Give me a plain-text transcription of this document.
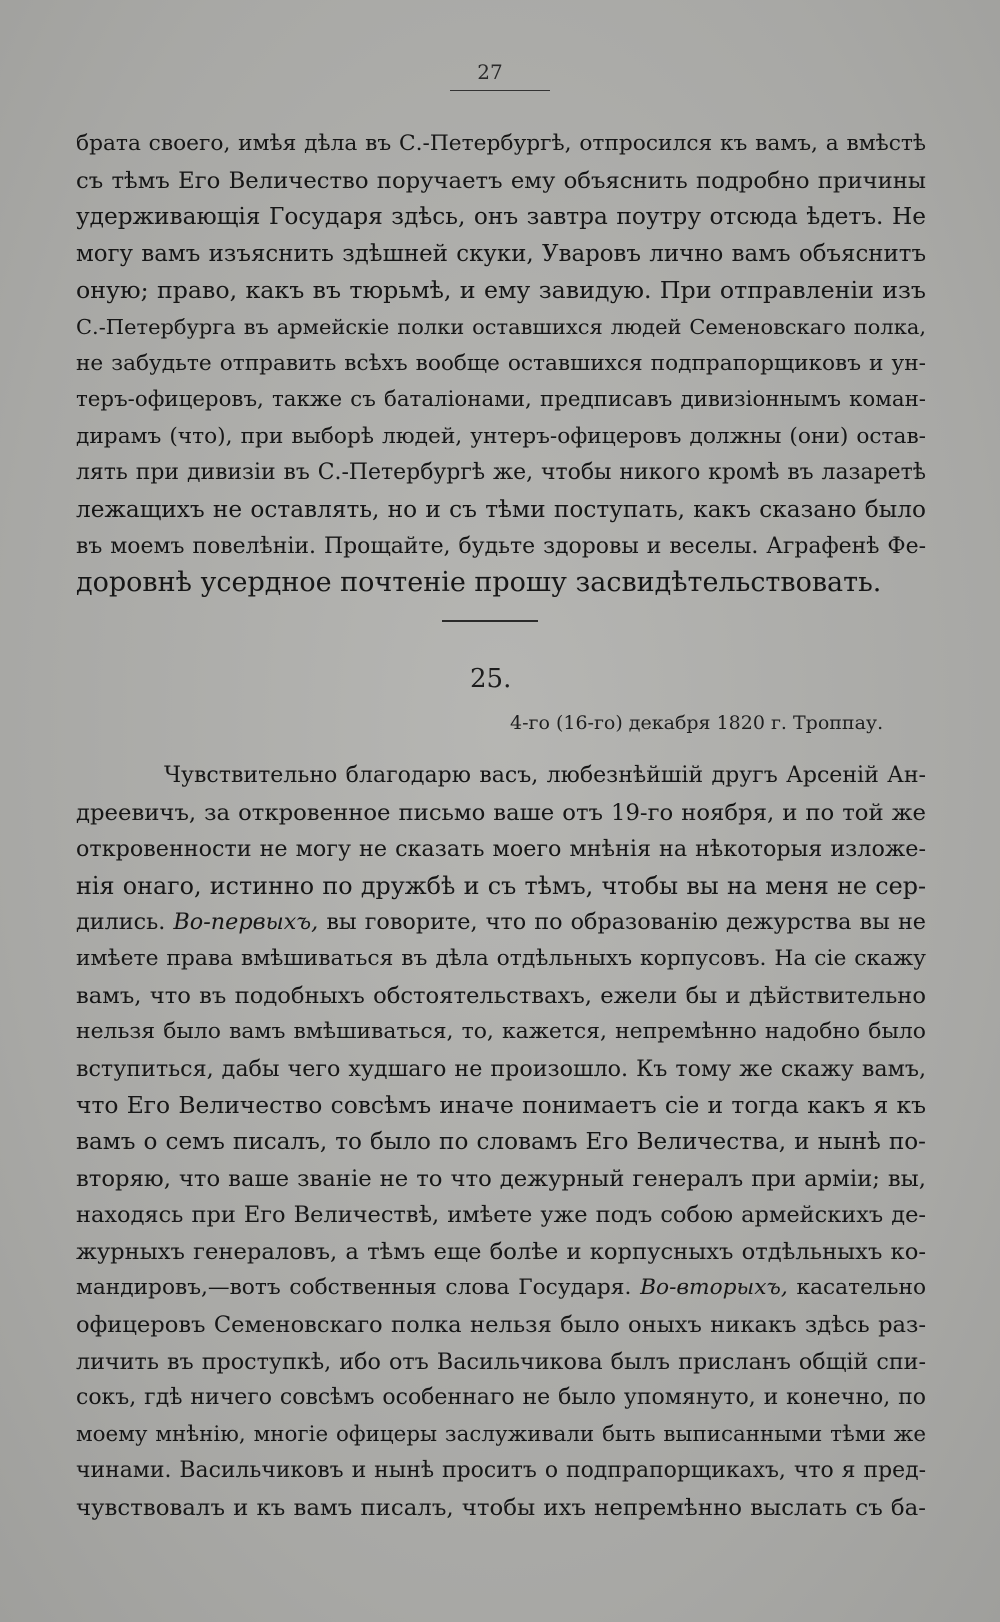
27
брата своего, имѣя дѣла въ С.-Петербургѣ, отпросился къ вамъ, а вмѣстѣ
съ тѣмъ Его Величество поручаетъ ему объяснить подробно причины
удерживающія Государя здѣсь, онъ завтра поутру отсюда ѣдетъ. Не
могу вамъ изъяснить здѣшней скуки, Уваровъ лично вамъ объяснитъ
оную; право, какъ въ тюрьмѣ, и ему завидую. При отправленіи изъ
С.-Петербурга въ армейскіе полки оставшихся людей Семеновскаго полка,
не забудьте отправить всѣхъ вообще оставшихся подпрапорщиковъ и ун-
теръ-офицеровъ, также съ баталіонами, предписавъ дивизіоннымъ коман-
дирамъ (что), при выборѣ людей, унтеръ-офицеровъ должны (они) остав-
лять при дивизіи въ С.-Петербургѣ же, чтобы никого кромѣ въ лазаретѣ
лежащихъ не оставлять, но и съ тѣми поступать, какъ сказано было
въ моемъ повелѣніи. Прощайте, будьте здоровы и веселы. Аграфенѣ Фе-
доровнѣ усердное почтеніе прошу засвидѣтельствовать.
25.
4-го (16-го) декабря 1820 г. Троппау.
Чувствительно благодарю васъ, любезнѣйшій другъ Арсеній Ан-
дреевичъ, за откровенное письмо ваше отъ 19-го ноября, и по той же
откровенности не могу не сказать моего мнѣнія на нѣкоторыя изложе-
нія онаго, истинно по дружбѣ и съ тѣмъ, чтобы вы на меня не сер-
дились. Во-первыхъ, вы говорите, что по образованію дежурства вы не
имѣете права вмѣшиваться въ дѣла отдѣльныхъ корпусовъ. На сіе скажу
вамъ, что въ подобныхъ обстоятельствахъ, ежели бы и дѣйствительно
нельзя было вамъ вмѣшиваться, то, кажется, непремѣнно надобно было
вступиться, дабы чего худшаго не произошло. Къ тому же скажу вамъ,
что Его Величество совсѣмъ иначе понимаетъ сіе и тогда какъ я къ
вамъ о семъ писалъ, то было по словамъ Его Величества, и нынѣ по-
вторяю, что ваше званіе не то что дежурный генералъ при арміи; вы,
находясь при Его Величествѣ, имѣете уже подъ собою армейскихъ де-
журныхъ генераловъ, а тѣмъ еще болѣе и корпусныхъ отдѣльныхъ ко-
мандировъ,—вотъ собственныя слова Государя. Во-вторыхъ, касательно
офицеровъ Семеновскаго полка нельзя было оныхъ никакъ здѣсь раз-
личить въ проступкѣ, ибо отъ Васильчикова былъ присланъ общій спи-
сокъ, гдѣ ничего совсѣмъ особеннаго не было упомянуто, и конечно, по
моему мнѣнію, многіе офицеры заслуживали быть выписанными тѣми же
чинами. Васильчиковъ и нынѣ проситъ о подпрапорщикахъ, что я пред-
чувствовалъ и къ вамъ писалъ, чтобы ихъ непремѣнно выслать съ ба-
